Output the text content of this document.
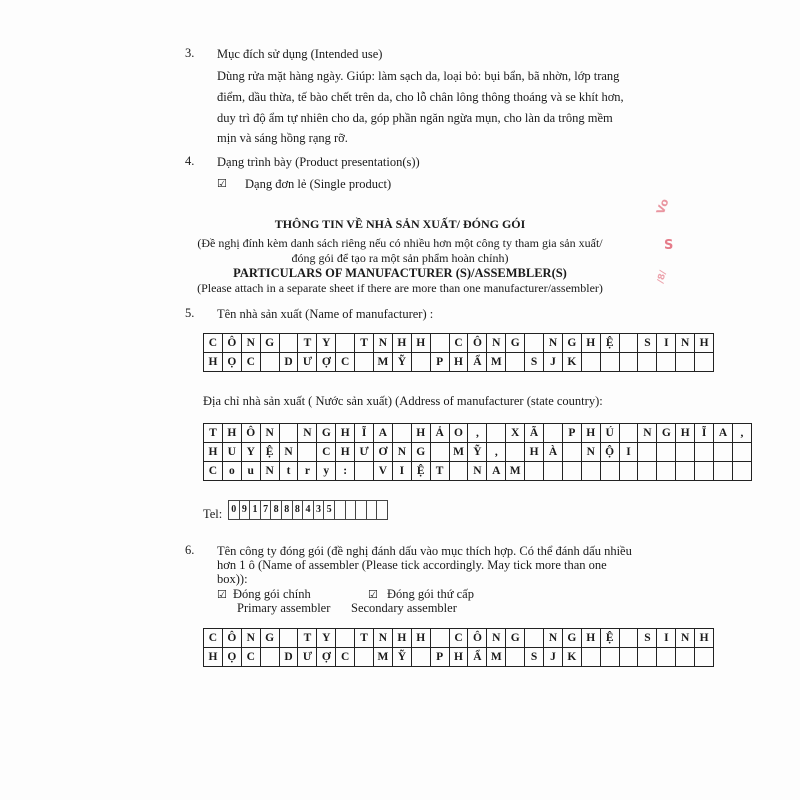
3. Mục đích sử dụng (Intended use)
Dùng rửa mặt hàng ngày. Giúp: làm sạch da, loại bỏ: bụi bẩn, bã nhờn, lớp trang
điểm, dầu thừa, tế bào chết trên da, cho lỗ chân lông thông thoáng và se khít hơn,
duy trì độ ẩm tự nhiên cho da, góp phần ngăn ngừa mụn, cho làn da trông mềm
mịn và sáng hồng rạng rỡ.
4. Dạng trình bày (Product presentation(s))
☑ Dạng đơn lẻ (Single product)
THÔNG TIN VỀ NHÀ SẢN XUẤT/ ĐÓNG GÓI
(Đề nghị đính kèm danh sách riêng nếu có nhiều hơn một công ty tham gia sản xuất/
đóng gói để tạo ra một sản phẩm hoàn chỉnh)
PARTICULARS OF MANUFACTURER (S)/ASSEMBLER(S)
(Please attach in a separate sheet if there are more than one manufacturer/assembler)
5. Tên nhà sản xuất (Name of manufacturer) :
C Ô N G	T Y	T N H H	C Ô N G	N G H Ệ	S	I	N H
H Ọ C	D Ư Ợ C	M Ỹ	P H Ẩ M	S	J	K
Địa chỉ nhà sản xuất ( Nước sản xuất) (Address of manufacturer (state country):
T H Ô N	N G H	Ĩ	A	H Ả O	,	X Ã	P H Ú	N G H	Ĩ	A	,
H U Y Ệ N	C H Ư Ơ N G	M Ỹ	,	H À	N Ộ	I
C	o	u	N	t	r	y	:	V	I	Ệ T	N A M
Tel: 0 9 1 7 8 8 8 4 3 5
6. Tên công ty đóng gói (đề nghị đánh dấu vào mục thích hợp. Có thể đánh dấu nhiều
hơn 1 ô (Name of assembler (Please tick accordingly. May tick more than one
box)):
☑ Đóng gói chính
Primary assembler
☑ Đóng gói thứ cấp
Secondary assembler
C Ô N G	T Y	T N H H	C Ô N G	N G H Ệ	S	I	N H
H Ọ C	D Ư Ợ C	M Ỹ	P H Ẩ M	S	J	K
Vo
S
/8/
